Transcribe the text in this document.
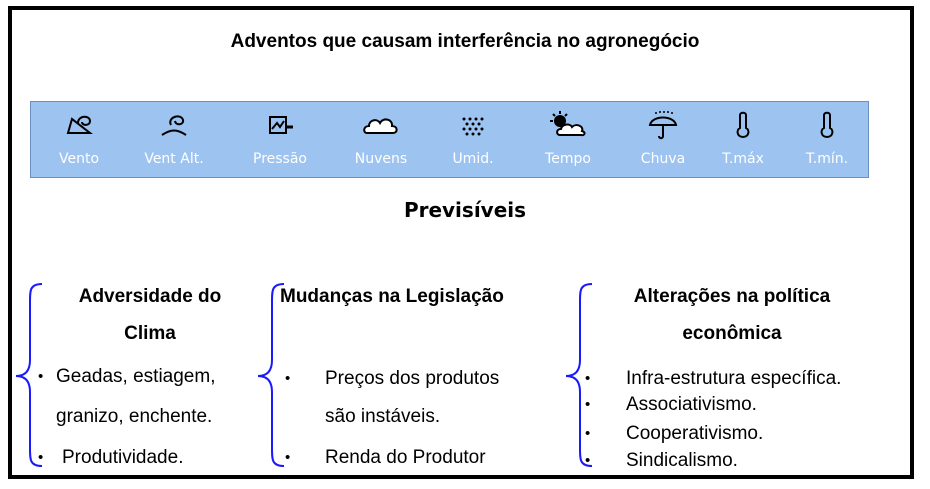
Adventos que causam interferência no agronegócio
Vento	Vent Alt.	Pressão	Nuvens	Umid.	Tempo	Chuva	T.máx	T.mín.
Previsíveis
Adversidade do
Clima
• Geadas, estiagem,
granizo, enchente.
• Produtividade.
Mudanças na Legislação
• Preços dos produtos
são instáveis.
• Renda do Produtor
Alterações na política
econômica
• Infra-estrutura específica.
• Associativismo.
• Cooperativismo.
• Sindicalismo.
